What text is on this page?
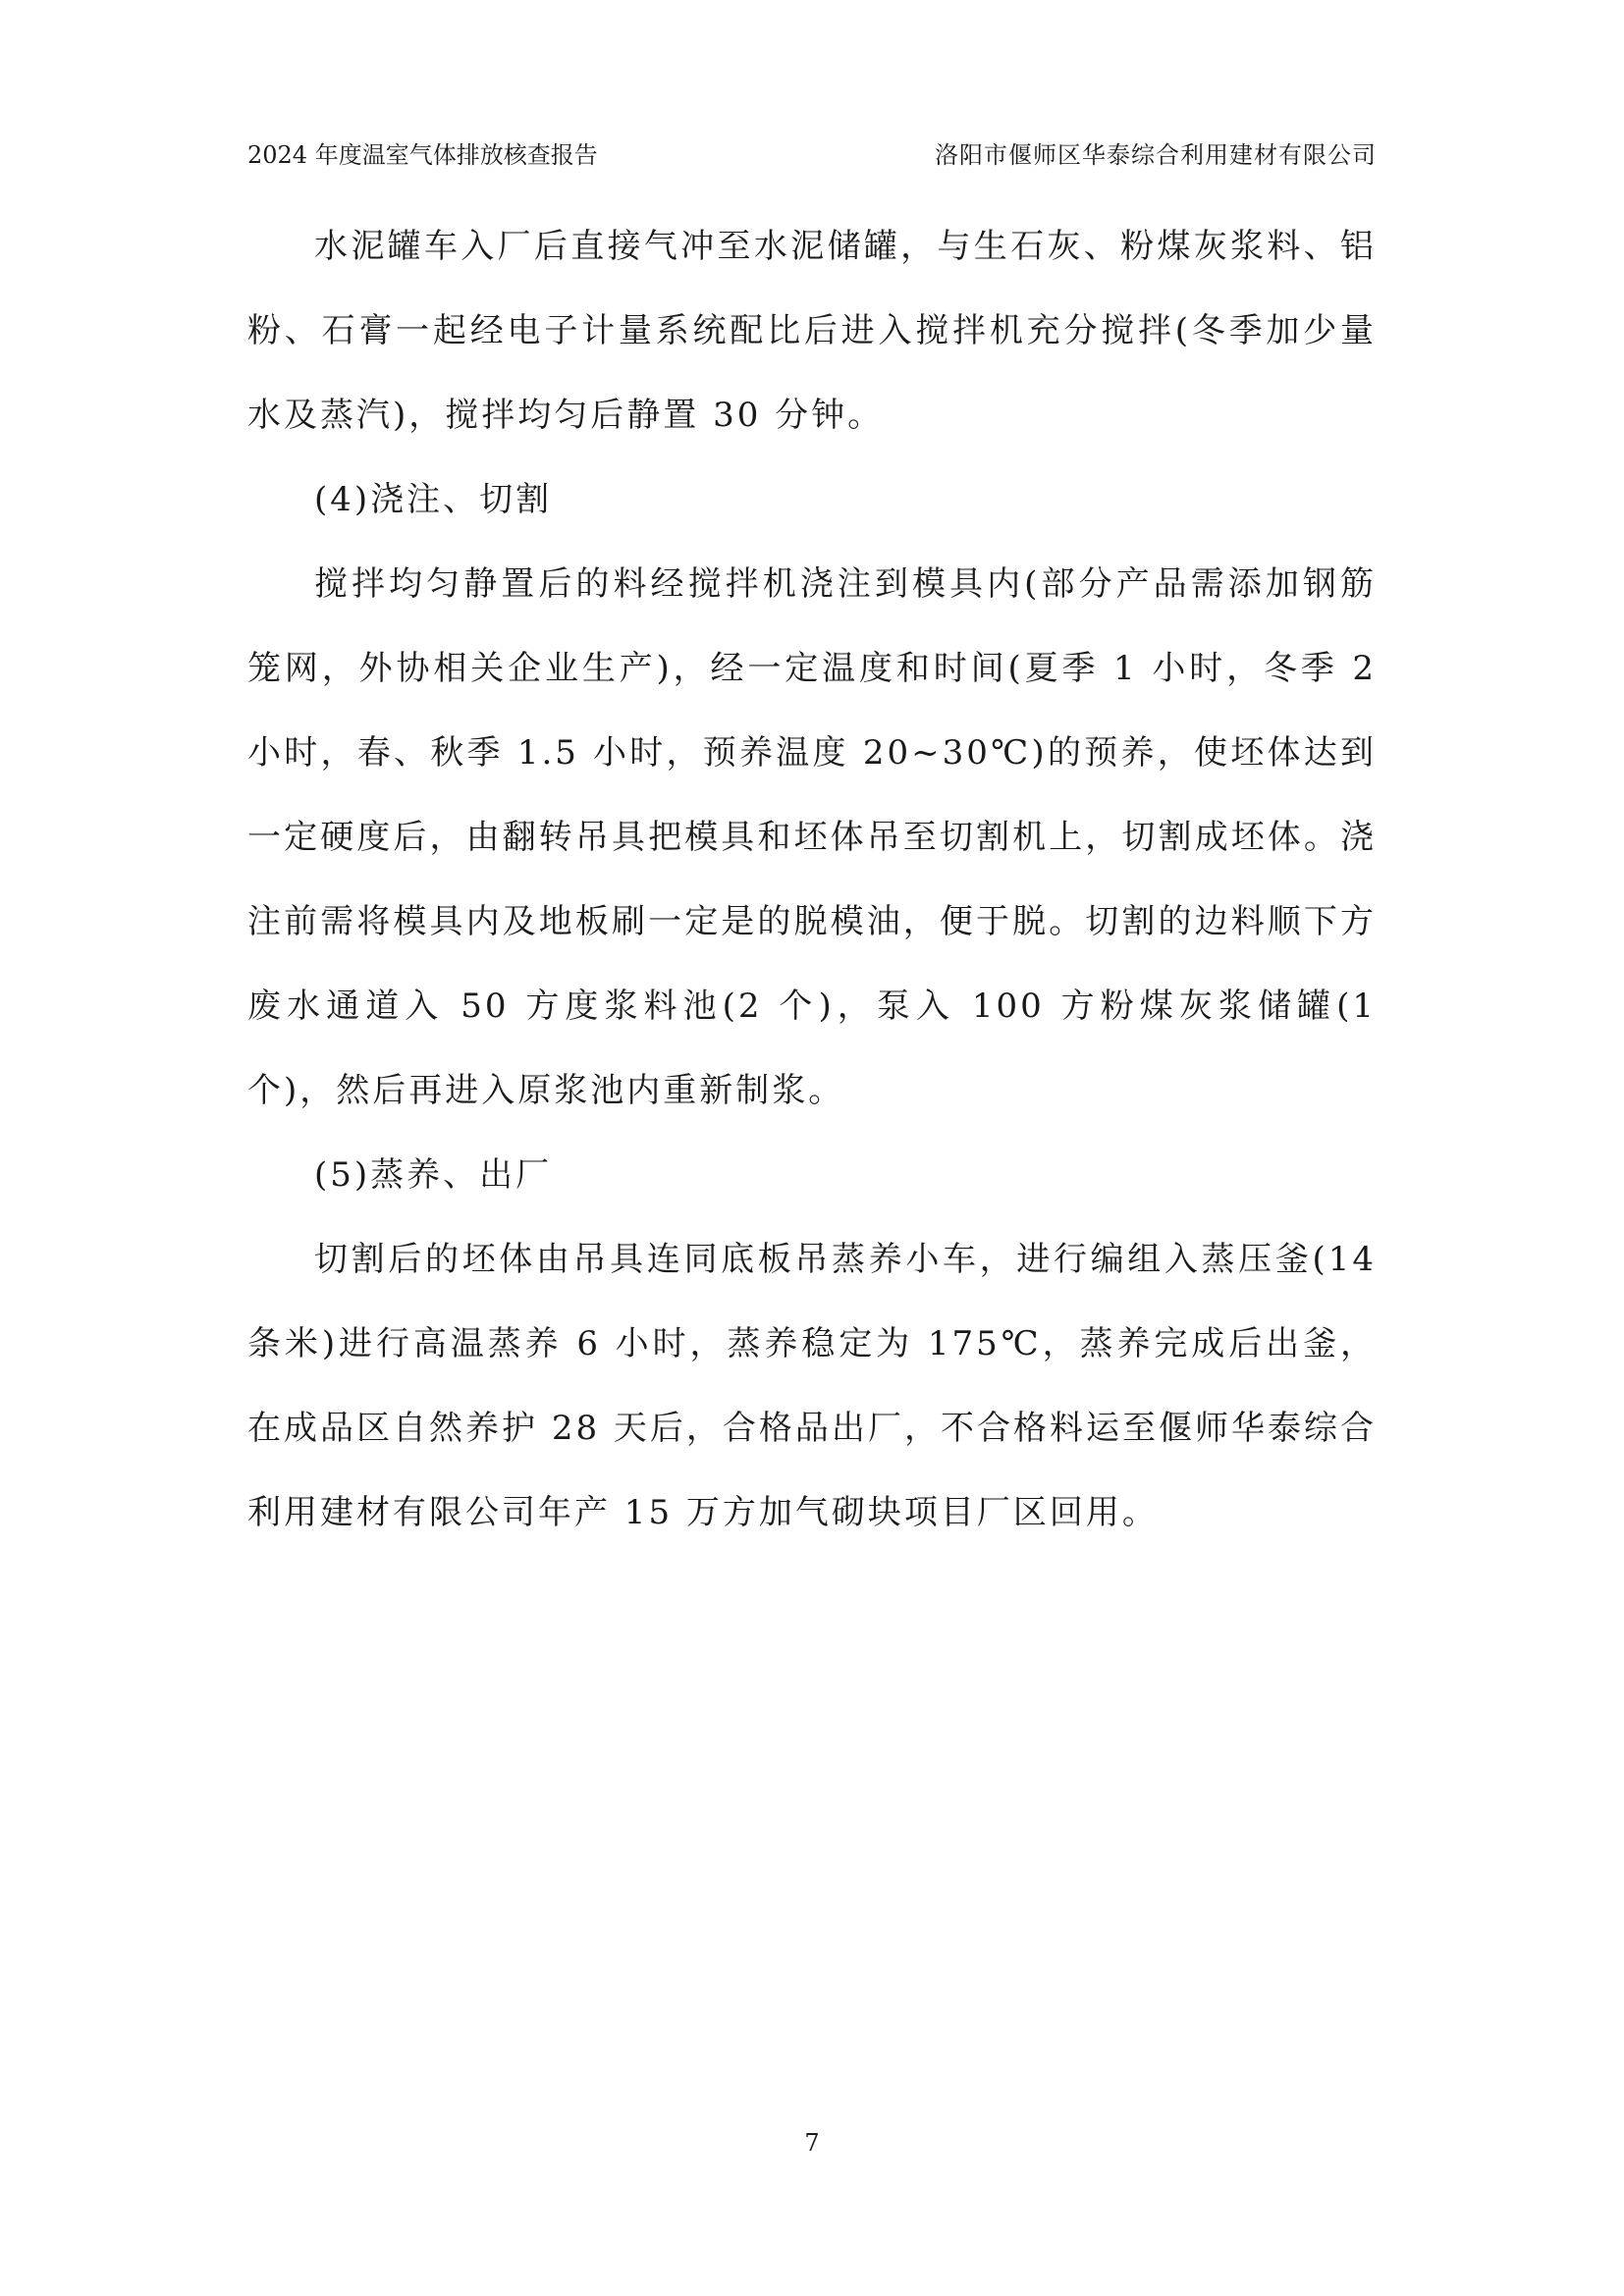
2024 年度温室气体排放核查报告	洛阳市偃师区华泰综合利用建材有限公司

水泥罐车入厂后直接气冲至水泥储罐，与生石灰、粉煤灰浆料、铝粉、石膏一起经电子计量系统配比后进入搅拌机充分搅拌(冬季加少量水及蒸汽)，搅拌均匀后静置 30 分钟。

(4)浇注、切割

搅拌均匀静置后的料经搅拌机浇注到模具内(部分产品需添加钢筋笼网，外协相关企业生产)，经一定温度和时间(夏季 1 小时，冬季 2 小时，春、秋季 1.5 小时，预养温度 20~30℃)的预养，使坯体达到一定硬度后，由翻转吊具把模具和坯体吊至切割机上，切割成坯体。浇注前需将模具内及地板刷一定是的脱模油，便于脱。切割的边料顺下方废水通道入 50 方度浆料池(2 个)，泵入 100 方粉煤灰浆储罐(1 个)，然后再进入原浆池内重新制浆。

(5)蒸养、出厂

切割后的坯体由吊具连同底板吊蒸养小车，进行编组入蒸压釜(14 条米)进行高温蒸养 6 小时，蒸养稳定为 175℃，蒸养完成后出釜，在成品区自然养护 28 天后，合格品出厂，不合格料运至偃师华泰综合利用建材有限公司年产 15 万方加气砌块项目厂区回用。

7
